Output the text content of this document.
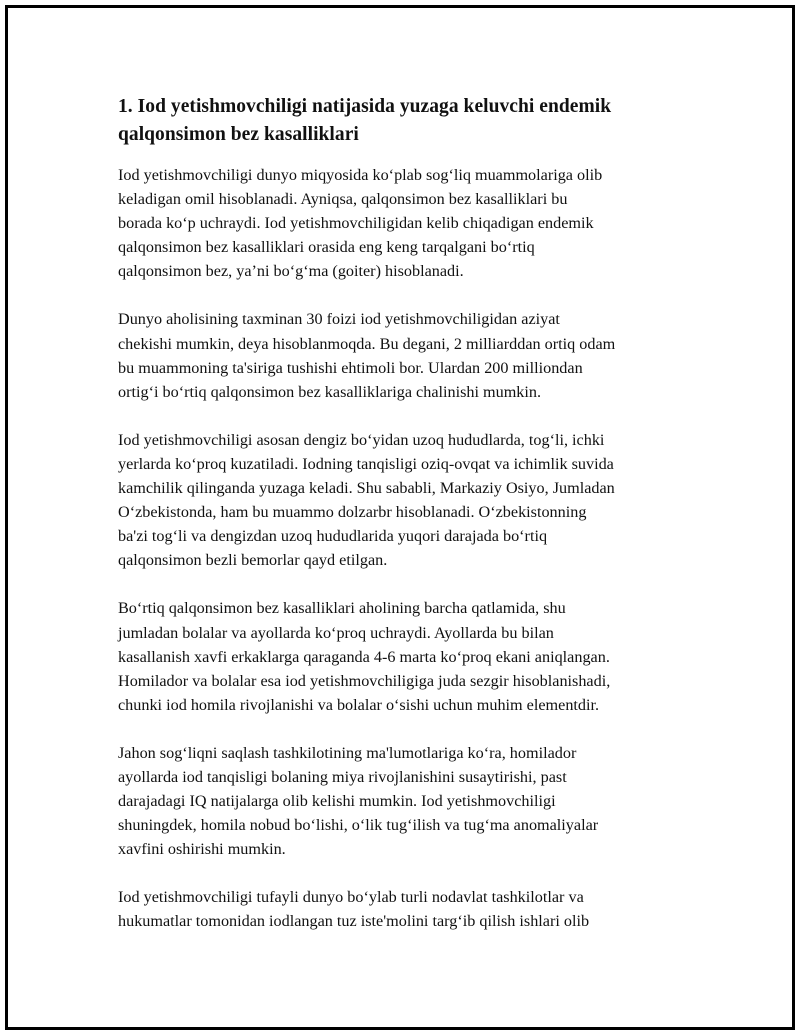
1. Iod yetishmovchiligi natijasida yuzaga keluvchi endemik
qalqonsimon bez kasalliklari
Iod yetishmovchiligi dunyo miqyosida ko‘plab sog‘liq muammolariga olib
keladigan omil hisoblanadi. Ayniqsa, qalqonsimon bez kasalliklari bu
borada ko‘p uchraydi. Iod yetishmovchiligidan kelib chiqadigan endemik
qalqonsimon bez kasalliklari orasida eng keng tarqalgani bo‘rtiq
qalqonsimon bez, ya’ni bo‘g‘ma (goiter) hisoblanadi.
Dunyo aholisining taxminan 30 foizi iod yetishmovchiligidan aziyat
chekishi mumkin, deya hisoblanmoqda. Bu degani, 2 milliarddan ortiq odam
bu muammoning ta'siriga tushishi ehtimoli bor. Ulardan 200 milliondan
ortig‘i bo‘rtiq qalqonsimon bez kasalliklariga chalinishi mumkin.
Iod yetishmovchiligi asosan dengiz bo‘yidan uzoq hududlarda, tog‘li, ichki
yerlarda ko‘proq kuzatiladi. Iodning tanqisligi oziq-ovqat va ichimlik suvida
kamchilik qilinganda yuzaga keladi. Shu sababli, Markaziy Osiyo, Jumladan
O‘zbekistonda, ham bu muammo dolzarbr hisoblanadi. O‘zbekistonning
ba'zi tog‘li va dengizdan uzoq hududlarida yuqori darajada bo‘rtiq
qalqonsimon bezli bemorlar qayd etilgan.
Bo‘rtiq qalqonsimon bez kasalliklari aholining barcha qatlamida, shu
jumladan bolalar va ayollarda ko‘proq uchraydi. Ayollarda bu bilan
kasallanish xavfi erkaklarga qaraganda 4-6 marta ko‘proq ekani aniqlangan.
Homilador va bolalar esa iod yetishmovchiligiga juda sezgir hisoblanishadi,
chunki iod homila rivojlanishi va bolalar o‘sishi uchun muhim elementdir.
Jahon sog‘liqni saqlash tashkilotining ma'lumotlariga ko‘ra, homilador
ayollarda iod tanqisligi bolaning miya rivojlanishini susaytirishi, past
darajadagi IQ natijalarga olib kelishi mumkin. Iod yetishmovchiligi
shuningdek, homila nobud bo‘lishi, o‘lik tug‘ilish va tug‘ma anomaliyalar
xavfini oshirishi mumkin.
Iod yetishmovchiligi tufayli dunyo bo‘ylab turli nodavlat tashkilotlar va
hukumatlar tomonidan iodlangan tuz iste'molini targ‘ib qilish ishlari olib
